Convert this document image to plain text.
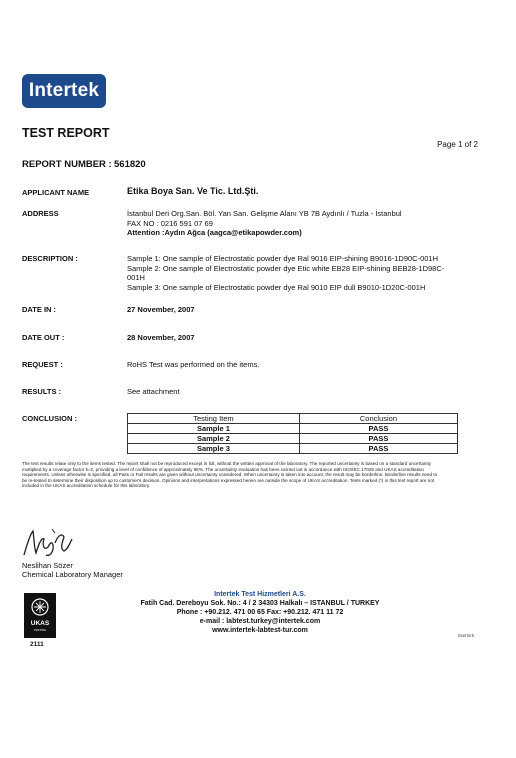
Intertek
TEST REPORT
Page 1 of 2
REPORT NUMBER : 561820
APPLICANT NAME	Etika Boya San. Ve Tic. Ltd.Şti.
ADDRESS	İstanbul Deri Org.San. Böl. Yan San. Gelişme Alanı YB 7B Aydınlı / Tuzla - İstanbul
FAX NO : 0216 591 07 69
Attention :Aydın Ağca (aagca@etikapowder.com)
DESCRIPTION :	Sample 1: One sample of Electrostatic powder dye Ral 9016 EIP-shining B9016-1D90C-001H
Sample 2: One sample of Electrostatic powder dye Etic white EB28 EIP-shining BEB28-1D98C-001H
Sample 3: One sample of Electrostatic powder dye Ral 9010 EIP dull B9010-1D20C-001H
DATE IN :	27 November, 2007
DATE OUT :	28 November, 2007
REQUEST :	RoHS Test was performed on the items.
RESULTS :	See attachment
CONCLUSION :	Testing Item	Conclusion
Sample 1	PASS
Sample 2	PASS
Sample 3	PASS
The test results relate only to the items tested. The report shall not be reproduced except in full, without the written approval of the laboratory. The reported uncertainty is based on a standard uncertainty multiplied by a coverage factor k=2, providing a level of confidence of approximately 95%. The uncertainty evaluation has been carried out in accordance with ISO/IEC 17025 and UKAS accreditation requirements. Unless otherwise is specified, all Pass or Fail results are given without uncertainty considered. When uncertainty is taken into account, the result may be borderline. Borderline results need to be re-tested to determine their disposition up to customer's decision. Opinions and interpretations expressed herein are outside the scope of UKAS accreditation. Tests marked (*) in this test report are not included in the UKAS accreditation schedule for this laboratory.
Neslihan Sözer
Chemical Laboratory Manager
UKAS
TESTING
2111
Intertek Test Hizmetleri A.S.
Fatih Cad. Dereboyu Sok. No.: 4 / 2 34303 Halkalı – ISTANBUL / TURKEY
Phone : +90.212. 471 00 65 Fax: +90.212. 471 11 72
e-mail : labtest.turkey@intertek.com
www.intertek-labtest-tur.com
itsertsrk
